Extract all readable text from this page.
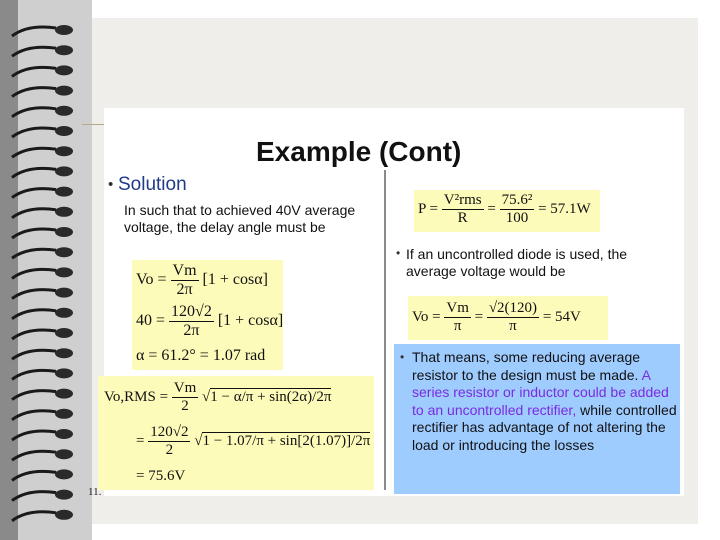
Example (Cont)
• Solution
In such that to achieved 40V average voltage, the delay angle must be
$Vo = \frac{Vm}{2\pi} [1 + \cos\alpha]$
$40 = \frac{120√2}{2\pi} [1 + \cos\alpha]$
α = 61.2° = 1.07 rad
$Vo,RMS = \frac{Vm}{2} √1 - \alpha/\pi + \sin(2\alpha)/2\pi$
= $\frac{120√2}{2} √1 - 1.07/\pi + \sin[2(1.07)]/2\pi$
= 75.6V
$P = \frac{\text{V²rms}}{R} = \frac{\text{75.6²}}{100} = 57.1W$
• If an uncontrolled diode is used, the average voltage would be
$Vo = \frac{Vm}{\pi} = \frac{√2(120)}{\pi} = 54V$
• That means, some reducing average resistor to the design must be made. A series resistor or inductor could be added to an uncontrolled rectifier, while controlled rectifier has advantage of not altering the load or introducing the losses
11.
